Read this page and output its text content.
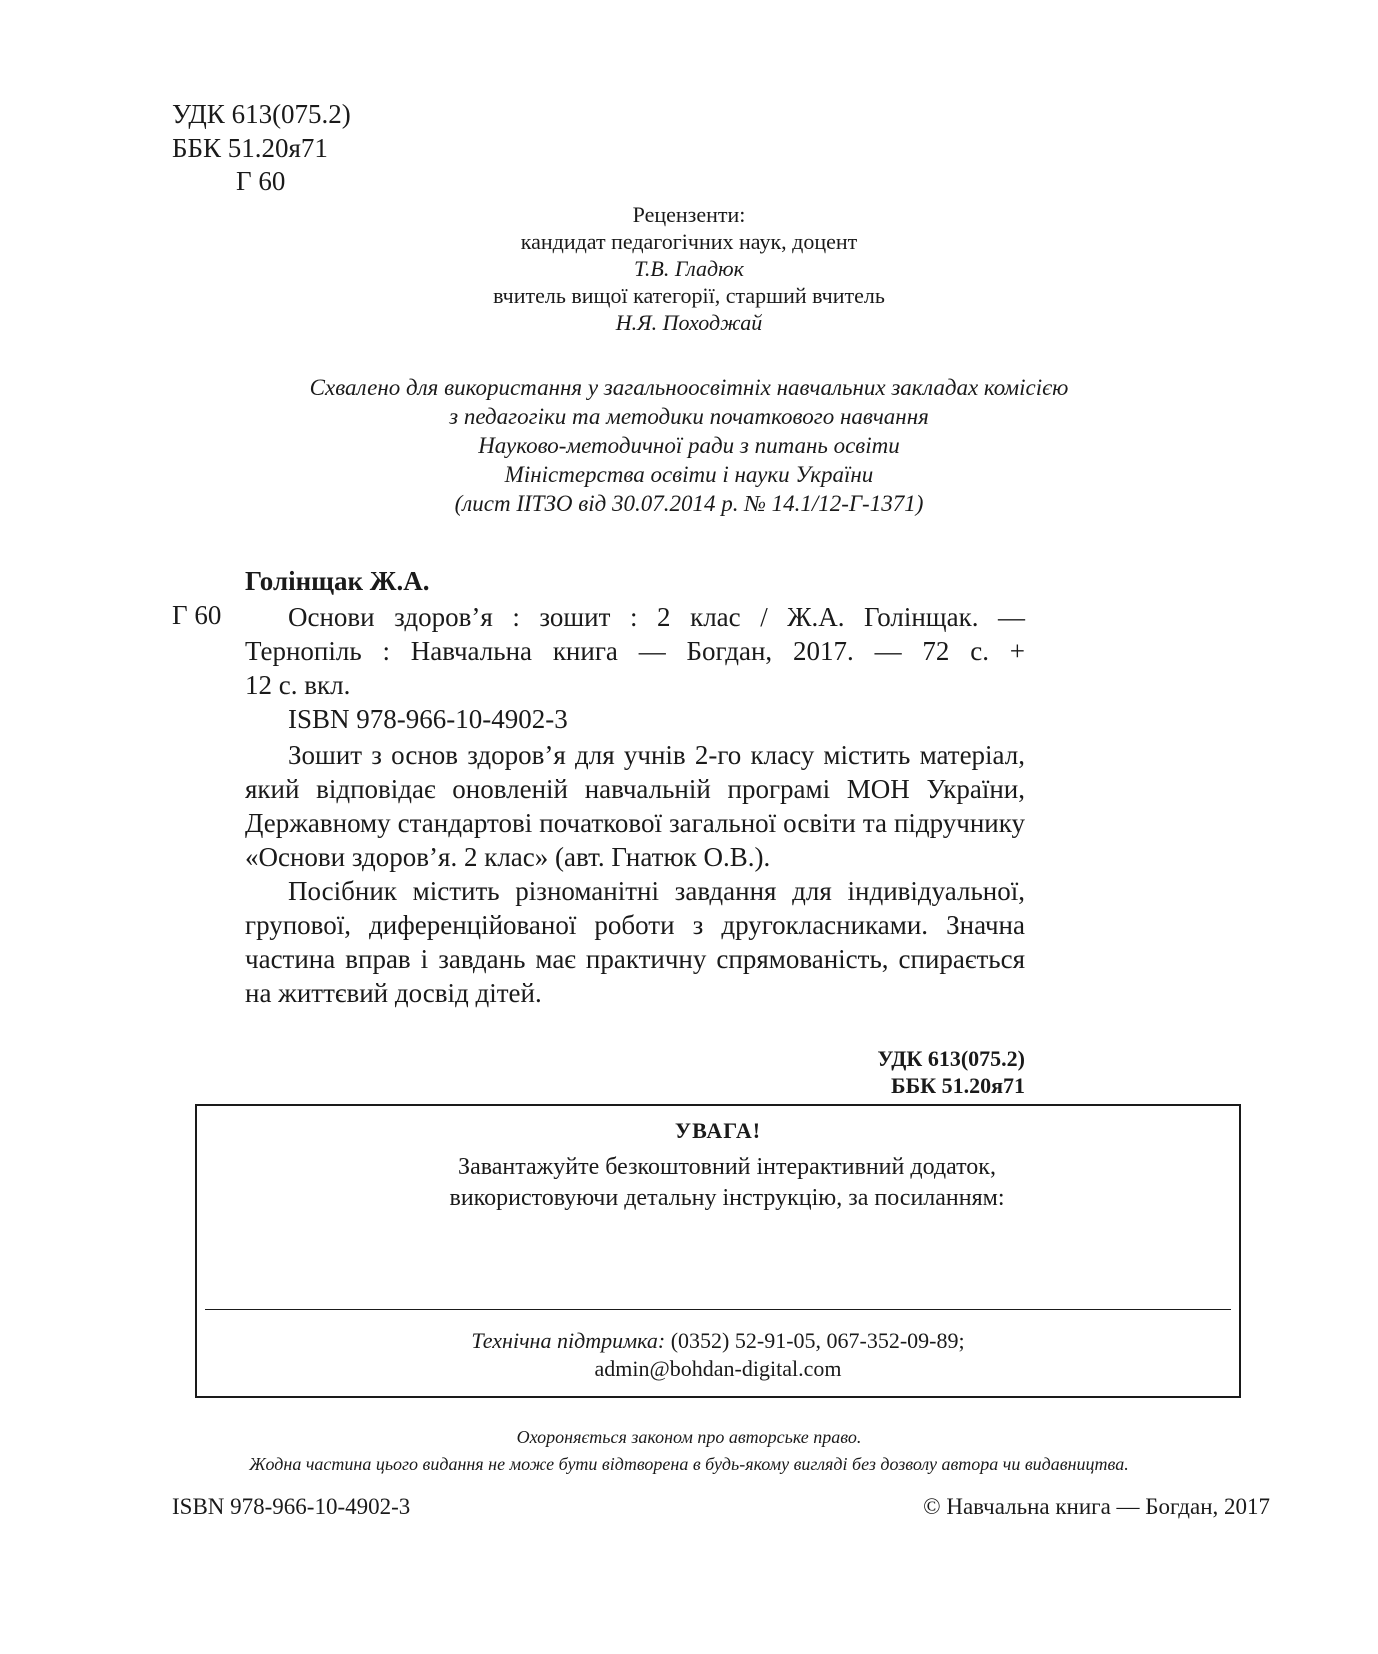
УДК 613(075.2)
ББК 51.20я71
Г 60
Рецензенти:
кандидат педагогічних наук, доцент
Т.В. Гладюк
вчитель вищої категорії, старший вчитель
Н.Я. Походжай
Схвалено для використання у загальноосвітніх навчальних закладах комісією
з педагогіки та методики початкового навчання
Науково-методичної ради з питань освіти
Міністерства освіти і науки України
(лист ІІТЗО від 30.07.2014 р. № 14.1/12-Г-1371)
Голінщак Ж.А.
Г 60	Основи здоров’я : зошит : 2 клас / Ж.А. Голінщак. —

Тернопіль : Навчальна книга — Богдан, 2017. — 72 с. +

12 с. вкл.

ISBN 978-966-10-4902-3

Зошит з основ здоров’я для учнів 2-го класу містить матеріал, який відповідає оновленій навчальній програмі МОН України, Державному стандартові початкової загальної освіти та підручнику «Основи здоров’я. 2 клас» (авт. Гнатюк О.В.).

Посібник містить різноманітні завдання для індивідуальної, групової, диференційованої роботи з другокласниками. Значна частина вправ і завдань має практичну спрямованість, спирається на життєвий досвід дітей.

УДК 613(075.2)
ББК 51.20я71
УВАГА!
Завантажуйте безкоштовний інтерактивний додаток,
використовуючи детальну інструкцію, за посиланням:
Технічна підтримка: (0352) 52-91-05, 067-352-09-89;
admin@bohdan-digital.com
Охороняється законом про авторське право.
Жодна частина цього видання не може бути відтворена в будь-якому вигляді без дозволу автора чи видавництва.
ISBN 978-966-10-4902-3	© Навчальна книга — Богдан, 2017
